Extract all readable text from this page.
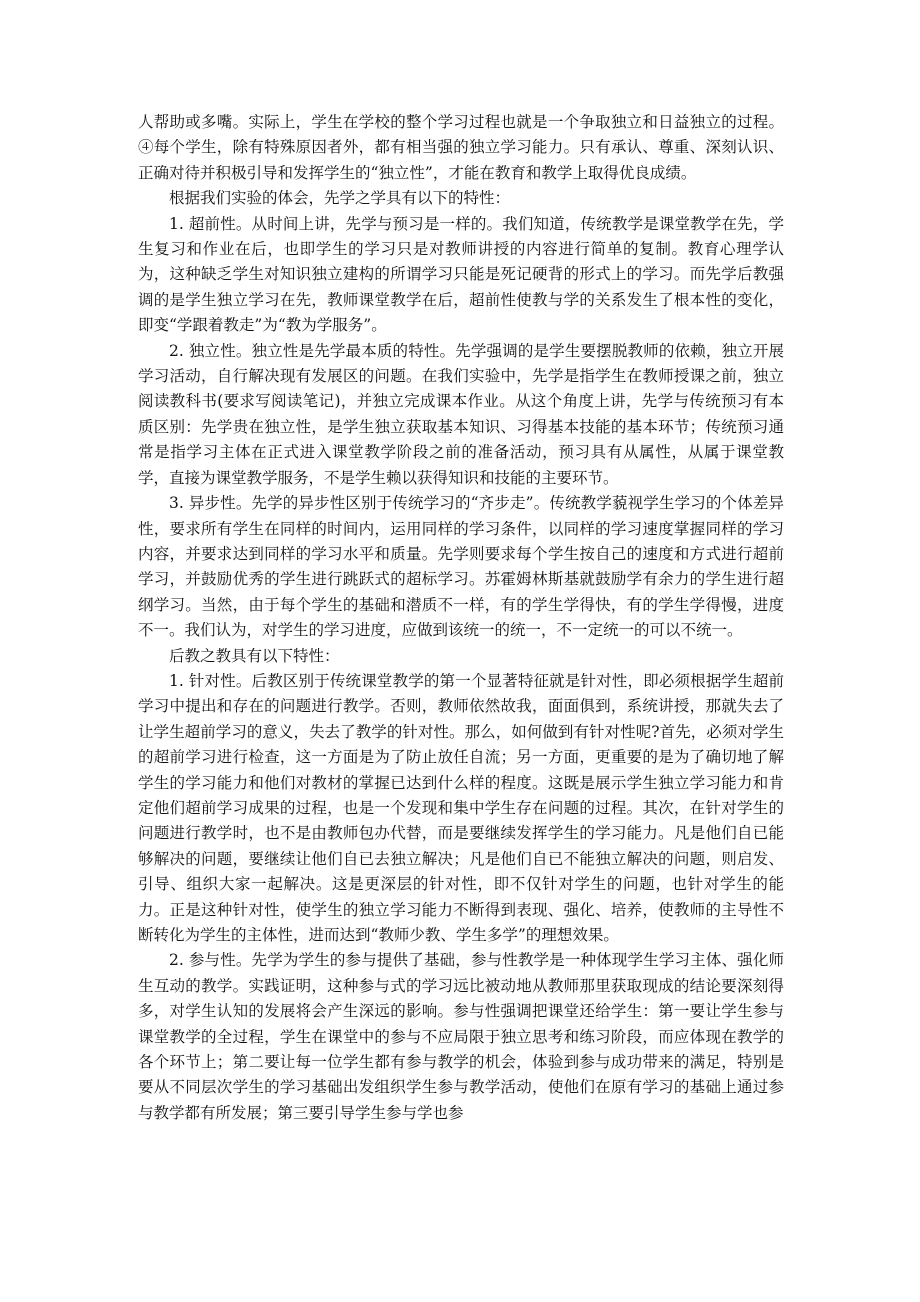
人帮助或多嘴。实际上，学生在学校的整个学习过程也就是一个争取独立和日益独立的过程。④每个学生，除有特殊原因者外，都有相当强的独立学习能力。只有承认、尊重、深刻认识、正确对待并积极引导和发挥学生的“独立性”，才能在教育和教学上取得优良成绩。

根据我们实验的体会，先学之学具有以下的特性：

1. 超前性。从时间上讲，先学与预习是一样的。我们知道，传统教学是课堂教学在先，学生复习和作业在后，也即学生的学习只是对教师讲授的内容进行简单的复制。教育心理学认为，这种缺乏学生对知识独立建构的所谓学习只能是死记硬背的形式上的学习。而先学后教强调的是学生独立学习在先，教师课堂教学在后，超前性使教与学的关系发生了根本性的变化，即变“学跟着教走”为“教为学服务”。

2. 独立性。独立性是先学最本质的特性。先学强调的是学生要摆脱教师的依赖，独立开展学习活动，自行解决现有发展区的问题。在我们实验中，先学是指学生在教师授课之前，独立阅读教科书(要求写阅读笔记)，并独立完成课本作业。从这个角度上讲，先学与传统预习有本质区别：先学贵在独立性，是学生独立获取基本知识、习得基本技能的基本环节；传统预习通常是指学习主体在正式进入课堂教学阶段之前的准备活动，预习具有从属性，从属于课堂教学，直接为课堂教学服务，不是学生赖以获得知识和技能的主要环节。

3. 异步性。先学的异步性区别于传统学习的“齐步走”。传统教学藐视学生学习的个体差异性，要求所有学生在同样的时间内，运用同样的学习条件，以同样的学习速度掌握同样的学习内容，并要求达到同样的学习水平和质量。先学则要求每个学生按自己的速度和方式进行超前学习，并鼓励优秀的学生进行跳跃式的超标学习。苏霍姆林斯基就鼓励学有余力的学生进行超纲学习。当然，由于每个学生的基础和潜质不一样，有的学生学得快，有的学生学得慢，进度不一。我们认为，对学生的学习进度，应做到该统一的统一，不一定统一的可以不统一。

后教之教具有以下特性：

1. 针对性。后教区别于传统课堂教学的第一个显著特征就是针对性，即必须根据学生超前学习中提出和存在的问题进行教学。否则，教师依然故我，面面俱到，系统讲授，那就失去了让学生超前学习的意义，失去了教学的针对性。那么，如何做到有针对性呢?首先，必须对学生的超前学习进行检查，这一方面是为了防止放任自流；另一方面，更重要的是为了确切地了解学生的学习能力和他们对教材的掌握已达到什么样的程度。这既是展示学生独立学习能力和肯定他们超前学习成果的过程，也是一个发现和集中学生存在问题的过程。其次，在针对学生的问题进行教学时，也不是由教师包办代替，而是要继续发挥学生的学习能力。凡是他们自已能够解决的问题，要继续让他们自已去独立解决；凡是他们自已不能独立解决的问题，则启发、引导、组织大家一起解决。这是更深层的针对性，即不仅针对学生的问题，也针对学生的能力。正是这种针对性，使学生的独立学习能力不断得到表现、强化、培养，使教师的主导性不断转化为学生的主体性，进而达到“教师少教、学生多学”的理想效果。

2. 参与性。先学为学生的参与提供了基础，参与性教学是一种体现学生学习主体、强化师生互动的教学。实践证明，这种参与式的学习远比被动地从教师那里获取现成的结论要深刻得多，对学生认知的发展将会产生深远的影响。参与性强调把课堂还给学生：第一要让学生参与课堂教学的全过程，学生在课堂中的参与不应局限于独立思考和练习阶段，而应体现在教学的各个环节上；第二要让每一位学生都有参与教学的机会，体验到参与成功带来的满足，特别是要从不同层次学生的学习基础出发组织学生参与教学活动，使他们在原有学习的基础上通过参与教学都有所发展；第三要引导学生参与学也参
